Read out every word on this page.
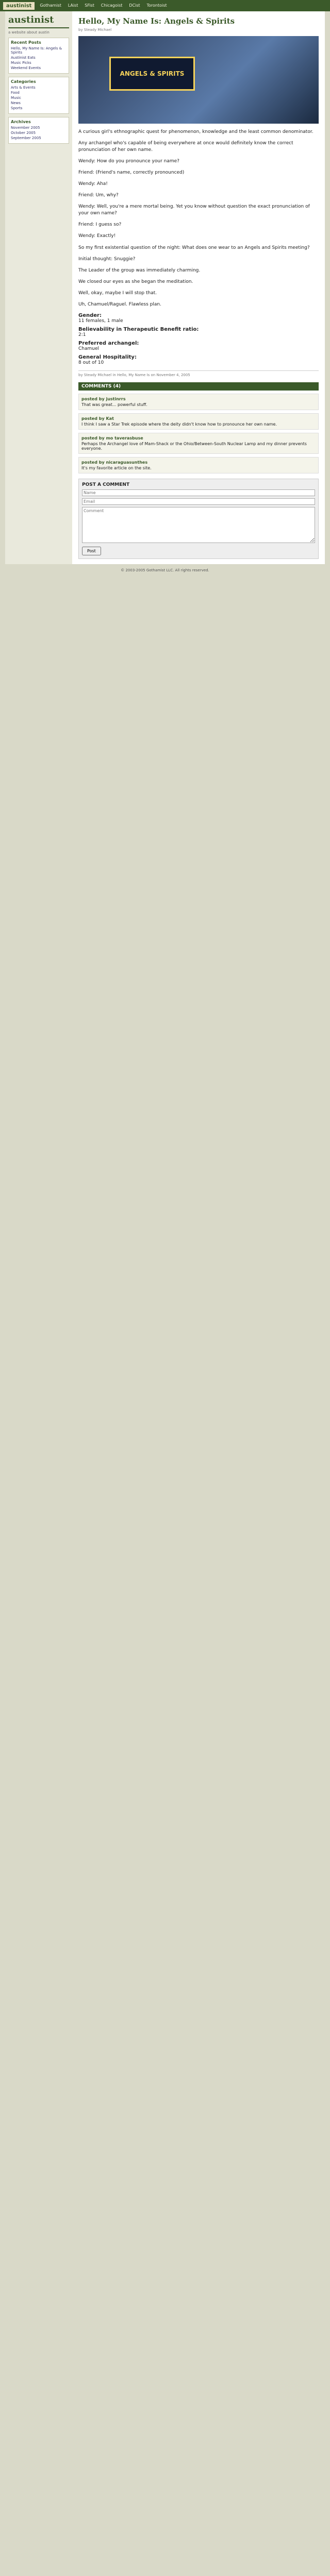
austinist	Gothamist LAist SFist Chicagoist DCist Torontoist
austinist
a website about austin
Recent Posts
Hello, My Name Is: Angels & Spirits
Austinist Eats
Music Picks
Weekend Events
Categories
Arts & Events
Food
Music
News
Sports
Archives
November 2005
October 2005
September 2005
Hello, My Name Is: Angels & Spirits
by Steady Michael
ANGELS & SPIRITS

A curious girl's ethnographic quest for phenomenon, knowledge and the least common denominator.

Any archangel who's capable of being everywhere at once would definitely know the correct pronunciation of her own name.

Wendy: How do you pronounce your name?

Friend: (Friend's name, correctly pronounced)

Wendy: Aha!

Friend: Um, why?

Wendy: Well, you're a mere mortal being. Yet you know without question the exact pronunciation of your own name?

Friend: I guess so?

Wendy: Exactly!

So my first existential question of the night: What does one wear to an Angels and Spirits meeting?

Initial thought: Snuggie?

The Leader of the group was immediately charming.

We closed our eyes as she began the meditation.

Well, okay, maybe I will stop that.

Uh, Chamuel/Raguel. Flawless plan.

Gender:
11 females, 1 male
Believability in Therapeutic Benefit ratio:
2:1
Preferred archangel:
Chamuel
General Hospitality:
8 out of 10
by Steady Michael in Hello, My Name Is on November 4, 2005
COMMENTS (4)
posted by justinrrs
That was great... powerful stuff.
posted by Kat
I think I saw a Star Trek episode where the deity didn't know how to pronounce her own name.
posted by mo taverasbuse
Perhaps the Archangel love of Mam-Shack or the Ohio/Between-South Nuclear Lamp and my dinner prevents everyone.
posted by nicaraguasunthes
It's my favorite article on the site.
POST A COMMENT
Name Email Comment Post
© 2003-2005 Gothamist LLC. All rights reserved.
